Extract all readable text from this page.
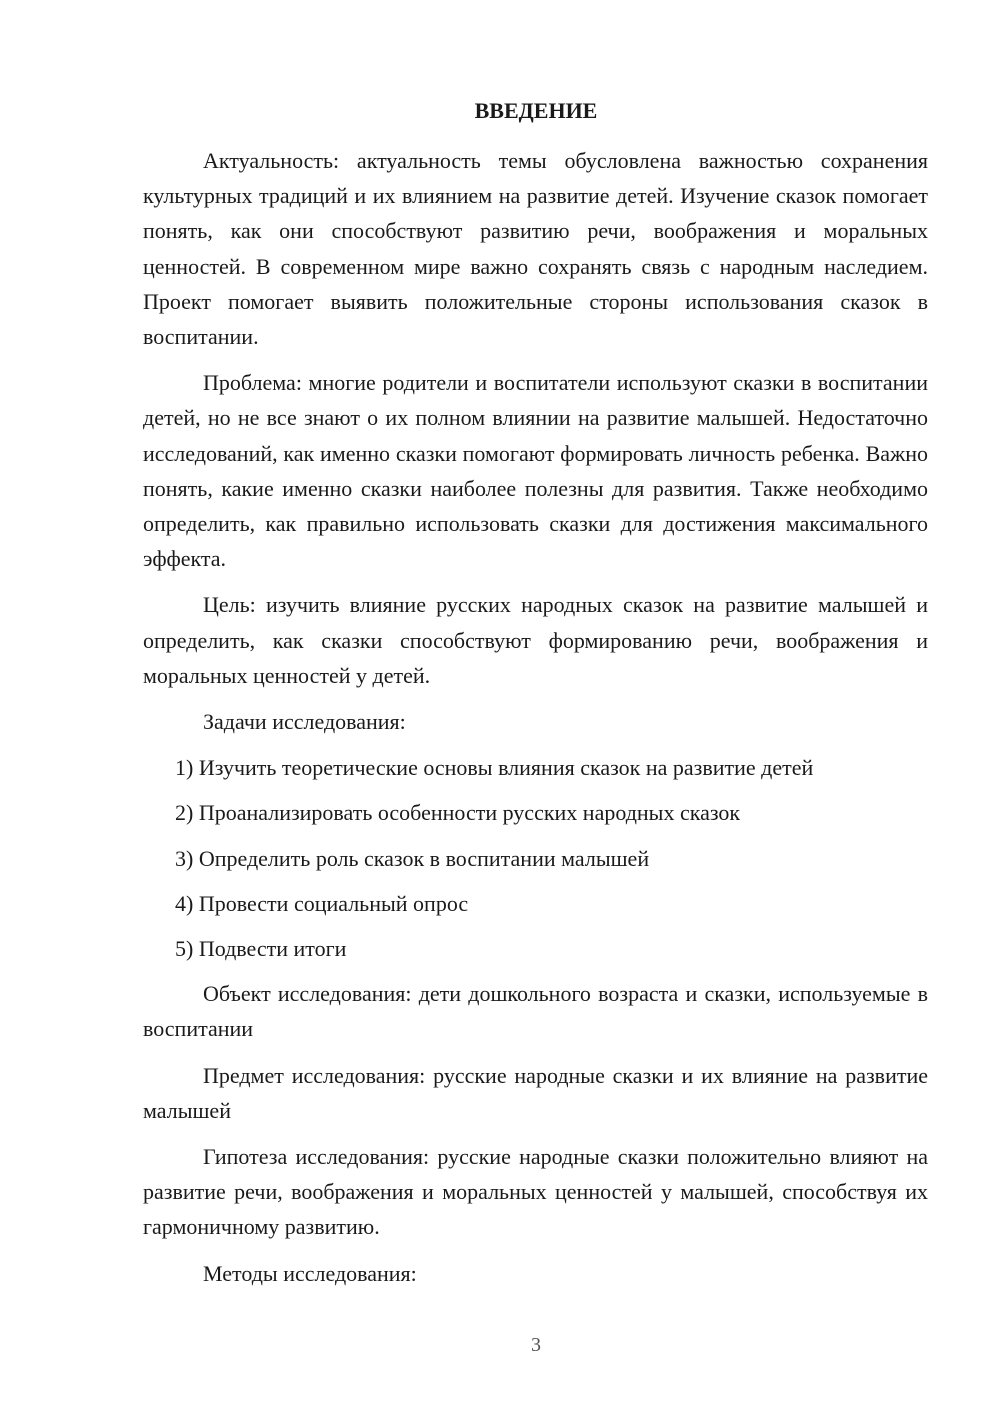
ВВЕДЕНИЕ

Актуальность: актуальность темы обусловлена важностью сохранения культурных традиций и их влиянием на развитие детей. Изучение сказок помогает понять, как они способствуют развитию речи, воображения и моральных ценностей. В современном мире важно сохранять связь с народным наследием. Проект помогает выявить положительные стороны использования сказок в воспитании.

Проблема: многие родители и воспитатели используют сказки в воспитании детей, но не все знают о их полном влиянии на развитие малышей. Недостаточно исследований, как именно сказки помогают формировать личность ребенка. Важно понять, какие именно сказки наиболее полезны для развития. Также необходимо определить, как правильно использовать сказки для достижения максимального эффекта.

Цель: изучить влияние русских народных сказок на развитие малышей и определить, как сказки способствуют формированию речи, воображения и моральных ценностей у детей.

Задачи исследования:

1) Изучить теоретические основы влияния сказок на развитие детей

2) Проанализировать особенности русских народных сказок

3) Определить роль сказок в воспитании малышей

4) Провести социальный опрос

5) Подвести итоги

Объект исследования: дети дошкольного возраста и сказки, используемые в воспитании

Предмет исследования: русские народные сказки и их влияние на развитие малышей

Гипотеза исследования: русские народные сказки положительно влияют на развитие речи, воображения и моральных ценностей у малышей, способствуя их гармоничному развитию.

Методы исследования:

3
